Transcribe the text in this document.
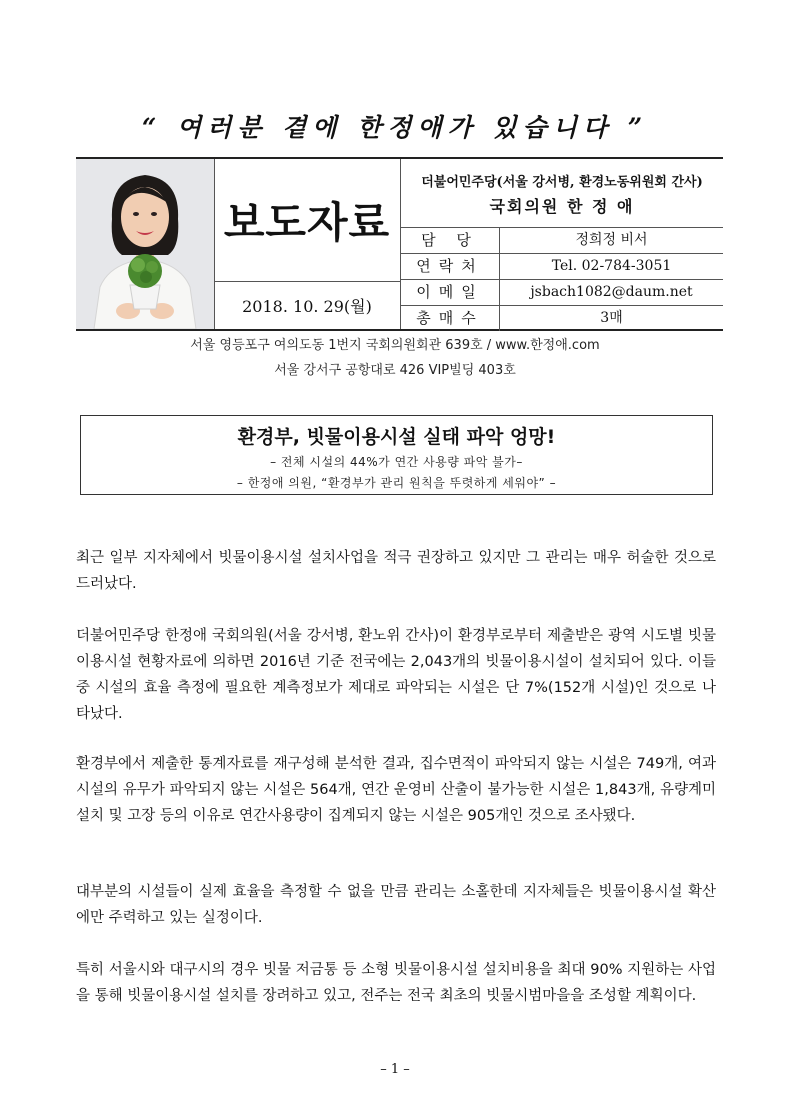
“ 여러분 곁에 한정애가 있습니다 ”
보도자료
2018. 10. 29(월)
더불어민주당(서울 강서병, 환경노동위원회 간사)
국회의원 한 정 애
담 당	정희정 비서
연락처	Tel. 02-784-3051
이메일	jsbach1082@daum.net
총매수	3매
서울 영등포구 여의도동 1번지 국회의원회관 639호 / www.한정애.com
서울 강서구 공항대로 426 VIP빌딩 403호
환경부, 빗물이용시설 실태 파악 엉망!
– 전체 시설의 44%가 연간 사용량 파악 불가–
– 한정애 의원, “환경부가 관리 원칙을 뚜렷하게 세워야” –
최근 일부 지자체에서 빗물이용시설 설치사업을 적극 권장하고 있지만 그 관리는 매우 허술한 것으로 드러났다.
더불어민주당 한정애 국회의원(서울 강서병, 환노위 간사)이 환경부로부터 제출받은 광역 시도별 빗물이용시설 현황자료에 의하면 2016년 기준 전국에는 2,043개의 빗물이용시설이 설치되어 있다. 이들 중 시설의 효율 측정에 필요한 계측정보가 제대로 파악되는 시설은 단 7%(152개 시설)인 것으로 나타났다.
환경부에서 제출한 통계자료를 재구성해 분석한 결과, 집수면적이 파악되지 않는 시설은 749개, 여과시설의 유무가 파악되지 않는 시설은 564개, 연간 운영비 산출이 불가능한 시설은 1,843개, 유량계미설치 및 고장 등의 이유로 연간사용량이 집계되지 않는 시설은 905개인 것으로 조사됐다.
대부분의 시설들이 실제 효율을 측정할 수 없을 만큼 관리는 소홀한데 지자체들은 빗물이용시설 확산에만 주력하고 있는 실정이다.
특히 서울시와 대구시의 경우 빗물 저금통 등 소형 빗물이용시설 설치비용을 최대 90% 지원하는 사업을 통해 빗물이용시설 설치를 장려하고 있고, 전주는 전국 최초의 빗물시범마을을 조성할 계획이다.
– 1 –
